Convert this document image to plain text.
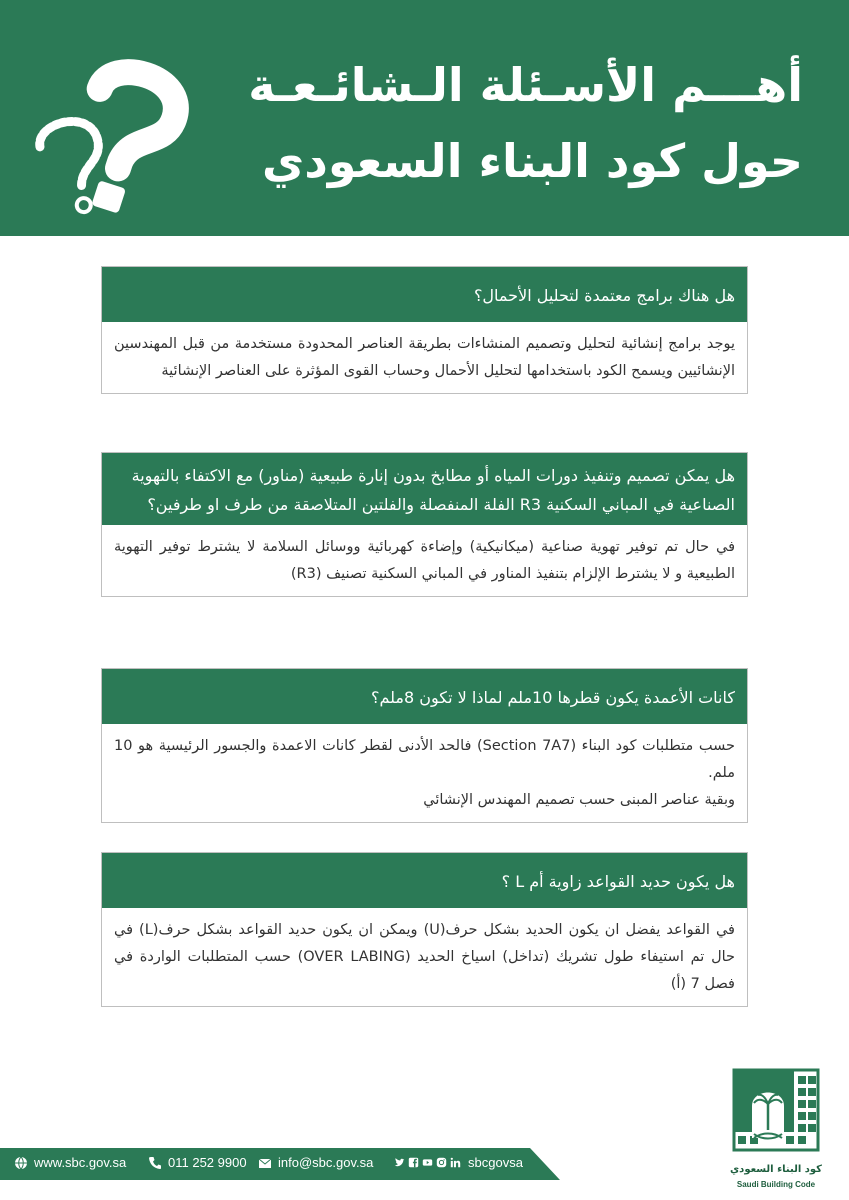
أهـــم الأسـئلة الـشائـعـة
حول كود البناء السعودي
هل هناك برامج معتمدة لتحليل الأحمال؟

يوجد برامج إنشائية لتحليل وتصميم المنشاءات بطريقة العناصر المحدودة مستخدمة من قبل المهندسين الإنشائيين ويسمح الكود باستخدامها لتحليل الأحمال وحساب القوى المؤثرة على العناصر الإنشائية

هل يمكن تصميم وتنفيذ دورات المياه أو مطابخ بدون إنارة طبيعية (مناور) مع الاكتفاء بالتهوية الصناعية في المباني السكنية R3 الفلة المنفصلة والفلتين المتلاصقة من طرف او طرفين؟

في حال تم توفير تهوية صناعية (ميكانيكية) وإضاءة كهربائية ووسائل السلامة لا يشترط توفير التهوية الطبيعية و لا يشترط الإلزام بتنفيذ المناور في المباني السكنية تصنيف (R3)

كانات الأعمدة يكون قطرها 10ملم لماذا لا تكون 8ملم؟

حسب متطلبات كود البناء (Section 7A7) فالحد الأدنى لقطر كانات الاعمدة والجسور الرئيسية هو 10 ملم.

وبقية عناصر المبنى حسب تصميم المهندس الإنشائي

هل يكون حديد القواعد زاوية أم L ؟

في القواعد يفضل ان يكون الحديد بشكل حرف(U) ويمكن ان يكون حديد القواعد بشكل حرف(L) في حال تم استيفاء طول تشريك (تداخل) اسياخ الحديد (OVER LABING) حسب المتطلبات الواردة في فصل 7 (أ)

www.sbc.gov.sa	011 252 9900 info@sbc.gov.sa	sbcgovsa	كود البناء السعودي
Saudi Building Code
